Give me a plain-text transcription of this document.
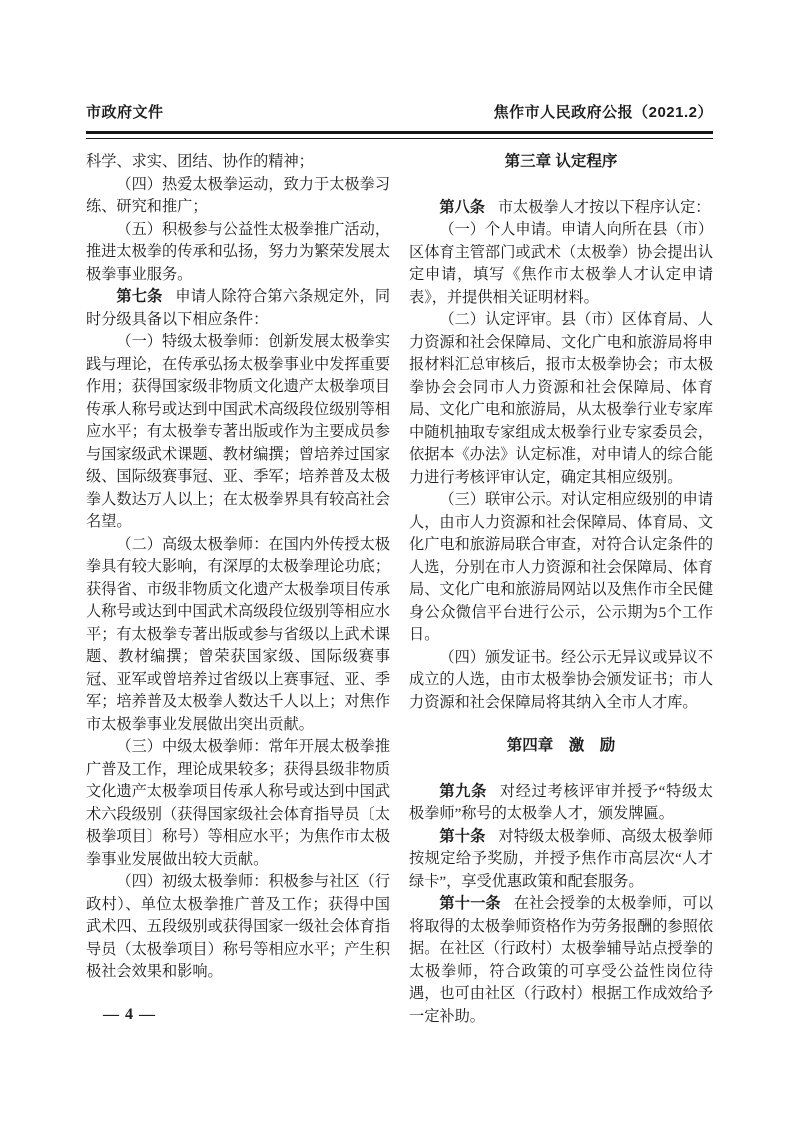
市政府文件	焦作市人民政府公报（2021.2）

科学、求实、团结、协作的精神；

（四）热爱太极拳运动，致力于太极拳习练、研究和推广；

（五）积极参与公益性太极拳推广活动，推进太极拳的传承和弘扬，努力为繁荣发展太极拳事业服务。

第七条 申请人除符合第六条规定外，同时分级具备以下相应条件：

（一）特级太极拳师：创新发展太极拳实践与理论，在传承弘扬太极拳事业中发挥重要作用；获得国家级非物质文化遗产太极拳项目传承人称号或达到中国武术高级段位级别等相应水平；有太极拳专著出版或作为主要成员参与国家级武术课题、教材编撰；曾培养过国家级、国际级赛事冠、亚、季军；培养普及太极拳人数达万人以上；在太极拳界具有较高社会名望。

（二）高级太极拳师：在国内外传授太极拳具有较大影响，有深厚的太极拳理论功底；获得省、市级非物质文化遗产太极拳项目传承人称号或达到中国武术高级段位级别等相应水平；有太极拳专著出版或参与省级以上武术课题、教材编撰；曾荣获国家级、国际级赛事冠、亚军或曾培养过省级以上赛事冠、亚、季军；培养普及太极拳人数达千人以上；对焦作市太极拳事业发展做出突出贡献。

（三）中级太极拳师：常年开展太极拳推广普及工作，理论成果较多；获得县级非物质文化遗产太极拳项目传承人称号或达到中国武术六段级别（获得国家级社会体育指导员〔太极拳项目〕称号）等相应水平；为焦作市太极拳事业发展做出较大贡献。

（四）初级太极拳师：积极参与社区（行政村）、单位太极拳推广普及工作；获得中国武术四、五段级别或获得国家一级社会体育指导员（太极拳项目）称号等相应水平；产生积极社会效果和影响。

第三章 认定程序

第八条 市太极拳人才按以下程序认定：

（一）个人申请。申请人向所在县（市）区体育主管部门或武术（太极拳）协会提出认定申请，填写《焦作市太极拳人才认定申请表》，并提供相关证明材料。

（二）认定评审。县（市）区体育局、人力资源和社会保障局、文化广电和旅游局将申报材料汇总审核后，报市太极拳协会；市太极拳协会会同市人力资源和社会保障局、体育局、文化广电和旅游局，从太极拳行业专家库中随机抽取专家组成太极拳行业专家委员会，依据本《办法》认定标准，对申请人的综合能力进行考核评审认定，确定其相应级别。

（三）联审公示。对认定相应级别的申请人，由市人力资源和社会保障局、体育局、文化广电和旅游局联合审查，对符合认定条件的人选，分别在市人力资源和社会保障局、体育局、文化广电和旅游局网站以及焦作市全民健身公众微信平台进行公示，公示期为5个工作日。

（四）颁发证书。经公示无异议或异议不成立的人选，由市太极拳协会颁发证书；市人力资源和社会保障局将其纳入全市人才库。

第四章　激　励

第九条 对经过考核评审并授予“特级太极拳师”称号的太极拳人才，颁发牌匾。

第十条 对特级太极拳师、高级太极拳师按规定给予奖励，并授予焦作市高层次“人才绿卡”，享受优惠政策和配套服务。

第十一条 在社会授拳的太极拳师，可以将取得的太极拳师资格作为劳务报酬的参照依据。在社区（行政村）太极拳辅导站点授拳的太极拳师，符合政策的可享受公益性岗位待遇，也可由社区（行政村）根据工作成效给予一定补助。

— 4 —
